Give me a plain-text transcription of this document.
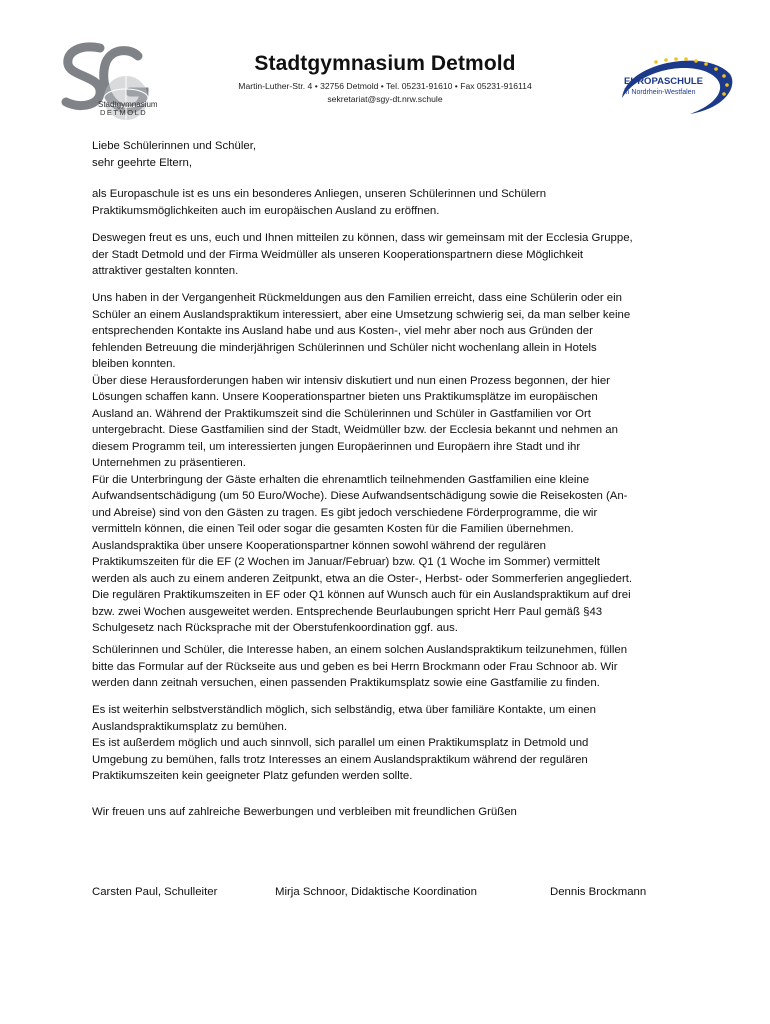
Stadtgymnasium
DETMOLD
Stadtgymnasium Detmold
Martin-Luther-Str. 4 • 32756 Detmold • Tel. 05231-91610 • Fax 05231-916114
sekretariat@sgy-dt.nrw.schule
EUROPASCHULE
in Nordrhein-Westfalen

Liebe Schülerinnen und Schüler,

sehr geehrte Eltern,

als Europaschule ist es uns ein besonderes Anliegen, unseren Schülerinnen und Schülern

Praktikumsmöglichkeiten auch im europäischen Ausland zu eröffnen.

Deswegen freut es uns, euch und Ihnen mitteilen zu können, dass wir gemeinsam mit der Ecclesia Gruppe,

der Stadt Detmold und der Firma Weidmüller als unseren Kooperationspartnern diese Möglichkeit

attraktiver gestalten konnten.

Uns haben in der Vergangenheit Rückmeldungen aus den Familien erreicht, dass eine Schülerin oder ein

Schüler an einem Auslandspraktikum interessiert, aber eine Umsetzung schwierig sei, da man selber keine

entsprechenden Kontakte ins Ausland habe und aus Kosten-, viel mehr aber noch aus Gründen der

fehlenden Betreuung die minderjährigen Schülerinnen und Schüler nicht wochenlang allein in Hotels

bleiben konnten.

Über diese Herausforderungen haben wir intensiv diskutiert und nun einen Prozess begonnen, der hier

Lösungen schaffen kann. Unsere Kooperationspartner bieten uns Praktikumsplätze im europäischen

Ausland an. Während der Praktikumszeit sind die Schülerinnen und Schüler in Gastfamilien vor Ort

untergebracht. Diese Gastfamilien sind der Stadt, Weidmüller bzw. der Ecclesia bekannt und nehmen an

diesem Programm teil, um interessierten jungen Europäerinnen und Europäern ihre Stadt und ihr

Unternehmen zu präsentieren.

Für die Unterbringung der Gäste erhalten die ehrenamtlich teilnehmenden Gastfamilien eine kleine

Aufwandsentschädigung (um 50 Euro/Woche). Diese Aufwandsentschädigung sowie die Reisekosten (An-

und Abreise) sind von den Gästen zu tragen. Es gibt jedoch verschiedene Förderprogramme, die wir

vermitteln können, die einen Teil oder sogar die gesamten Kosten für die Familien übernehmen.

Auslandspraktika über unsere Kooperationspartner können sowohl während der regulären

Praktikumszeiten für die EF (2 Wochen im Januar/Februar) bzw. Q1 (1 Woche im Sommer) vermittelt

werden als auch zu einem anderen Zeitpunkt, etwa an die Oster-, Herbst- oder Sommerferien angegliedert.

Die regulären Praktikumszeiten in EF oder Q1 können auf Wunsch auch für ein Auslandspraktikum auf drei

bzw. zwei Wochen ausgeweitet werden. Entsprechende Beurlaubungen spricht Herr Paul gemäß §43

Schulgesetz nach Rücksprache mit der Oberstufenkoordination ggf. aus.

Schülerinnen und Schüler, die Interesse haben, an einem solchen Auslandspraktikum teilzunehmen, füllen

bitte das Formular auf der Rückseite aus und geben es bei Herrn Brockmann oder Frau Schnoor ab. Wir

werden dann zeitnah versuchen, einen passenden Praktikumsplatz sowie eine Gastfamilie zu finden.

Es ist weiterhin selbstverständlich möglich, sich selbständig, etwa über familiäre Kontakte, um einen

Auslandspraktikumsplatz zu bemühen.

Es ist außerdem möglich und auch sinnvoll, sich parallel um einen Praktikumsplatz in Detmold und

Umgebung zu bemühen, falls trotz Interesses an einem Auslandspraktikum während der regulären

Praktikumszeiten kein geeigneter Platz gefunden werden sollte.

Wir freuen uns auf zahlreiche Bewerbungen und verbleiben mit freundlichen Grüßen
Carsten Paul, Schulleiter	Mirja Schnoor, Didaktische Koordination	Dennis Brockmann
